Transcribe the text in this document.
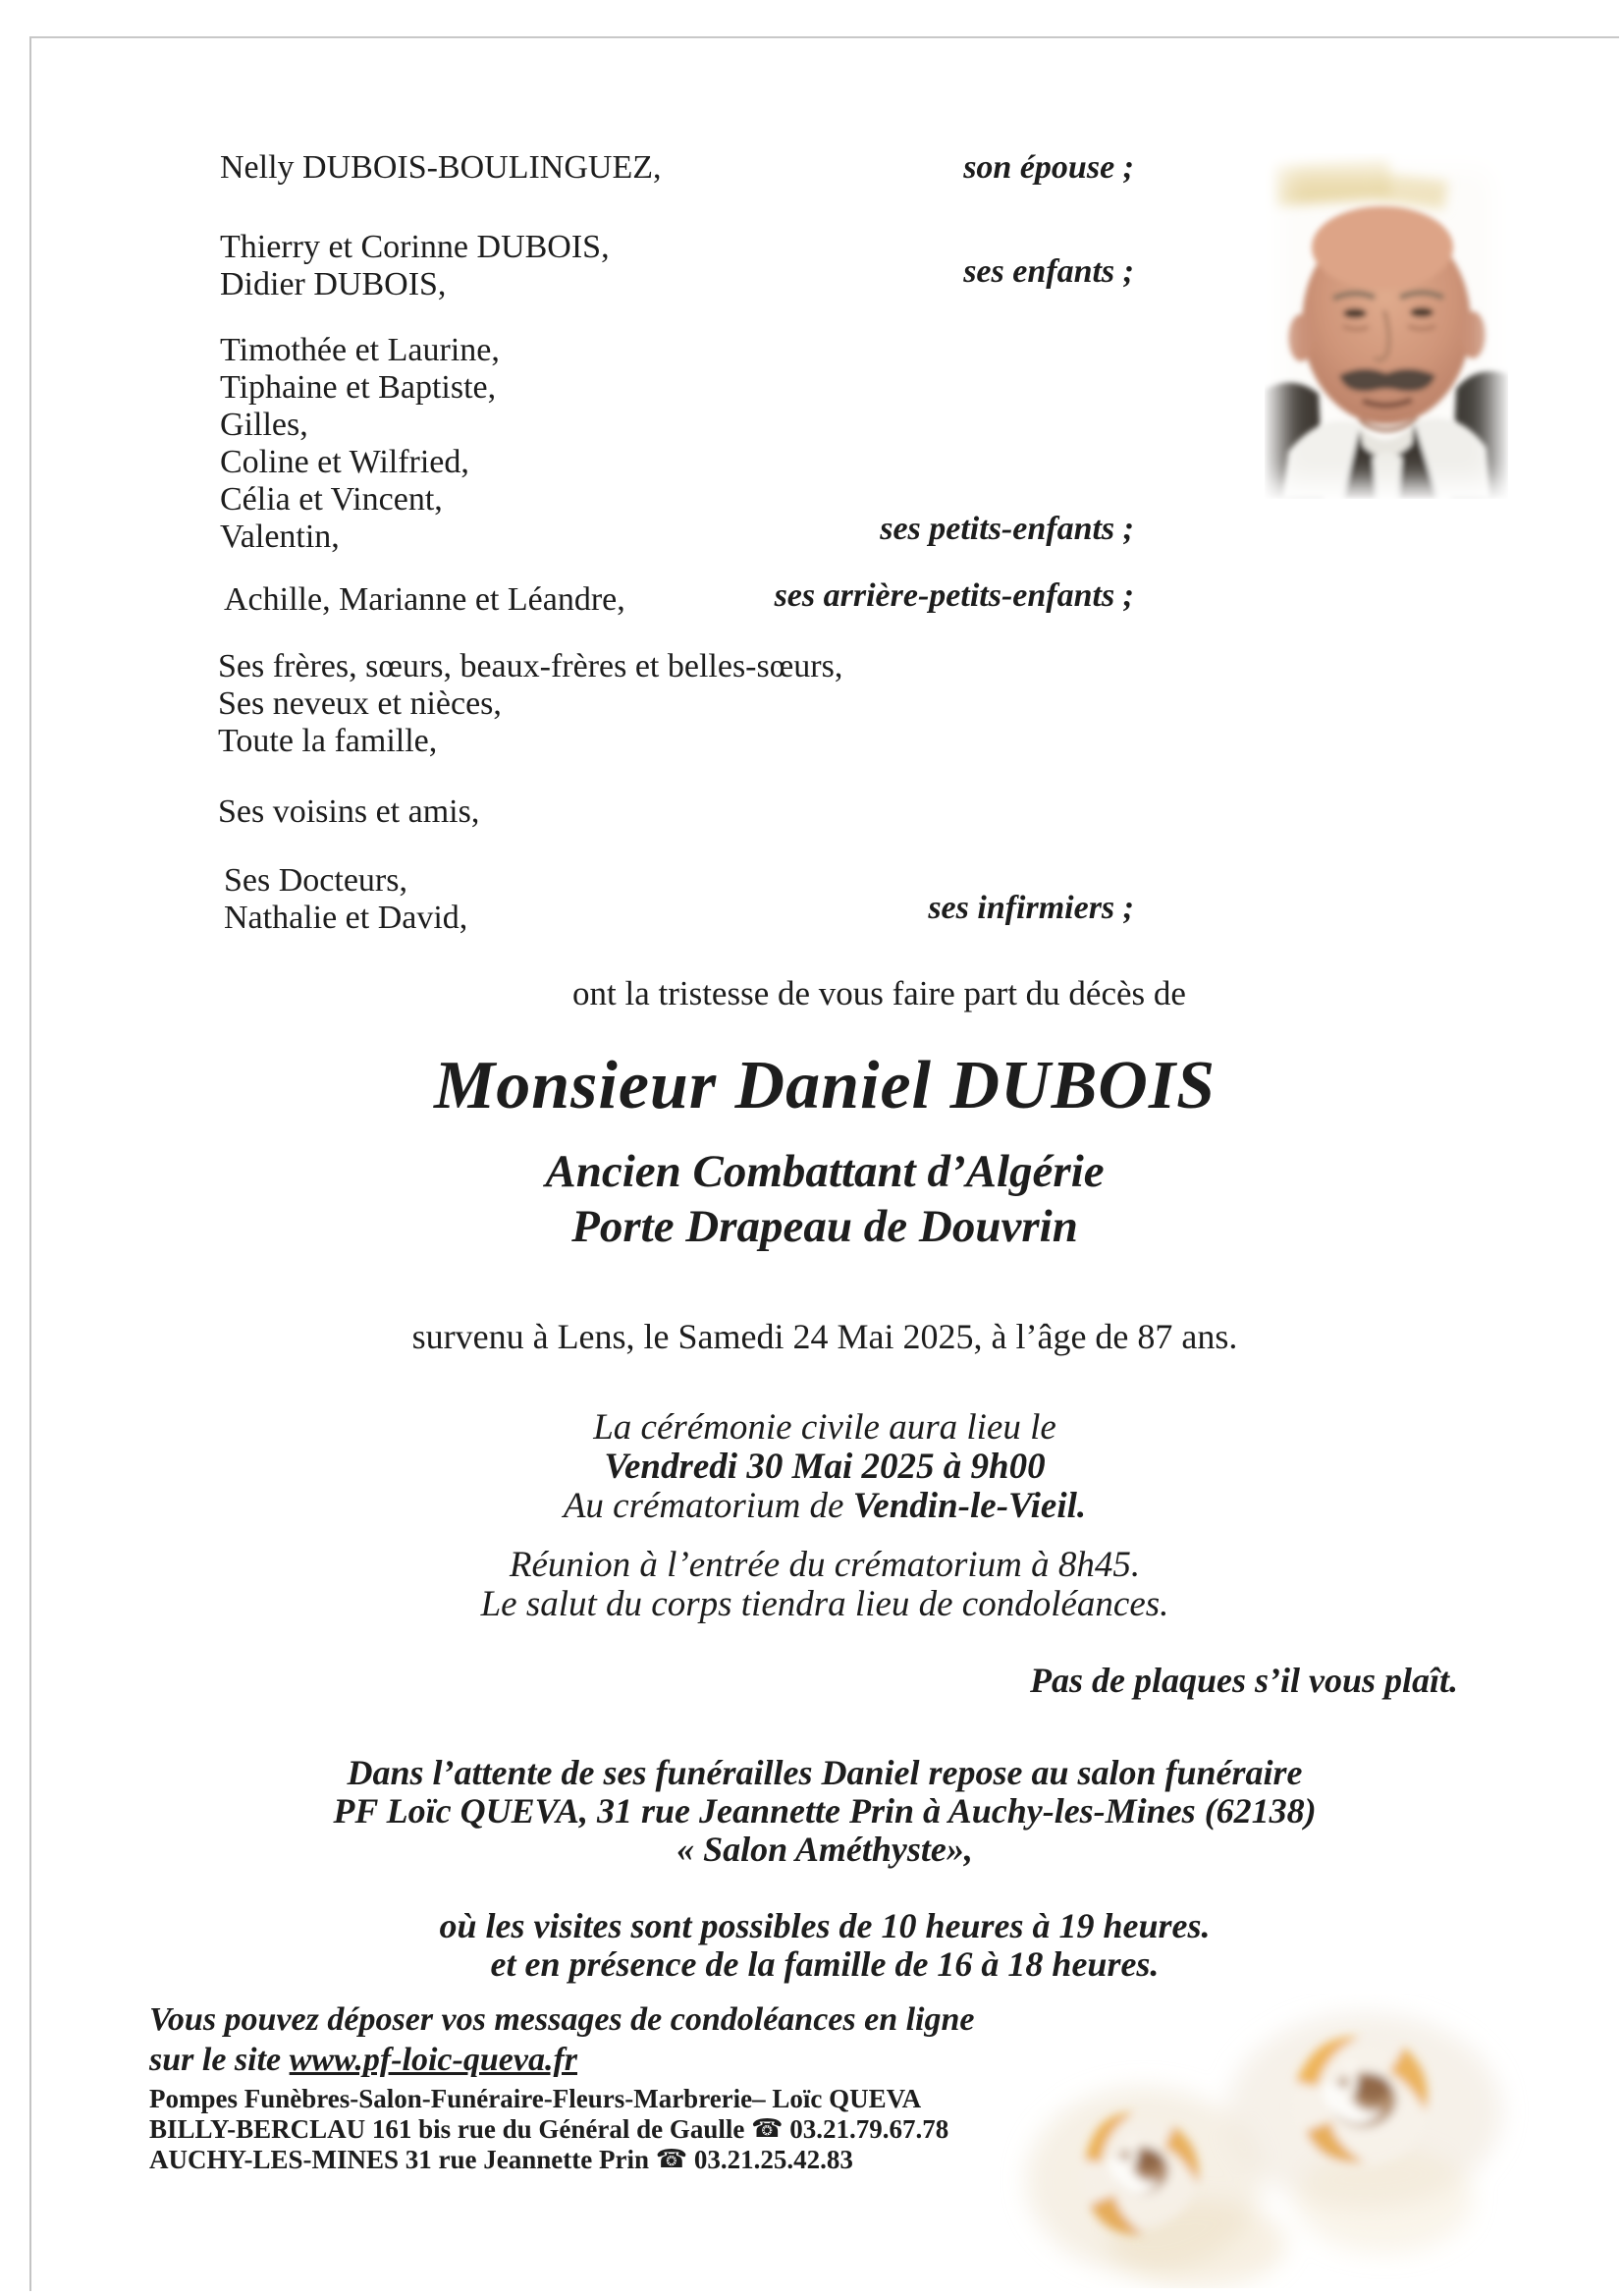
Nelly DUBOIS-BOULINGUEZ,
Thierry et Corinne DUBOIS,
Didier DUBOIS,
Timothée et Laurine,
Tiphaine et Baptiste,
Gilles,
Coline et Wilfried,
Célia et Vincent,
Valentin,
Achille, Marianne et Léandre,
Ses frères, sœurs, beaux-frères et belles-sœurs,
Ses neveux et nièces,
Toute la famille,
Ses voisins et amis,
Ses Docteurs,
Nathalie et David,
son épouse ;
ses enfants ;
ses petits-enfants ;
ses arrière-petits-enfants ;
ses infirmiers ;
ont la tristesse de vous faire part du décès de
Monsieur Daniel DUBOIS
Ancien Combattant d’Algérie
Porte Drapeau de Douvrin
survenu à Lens, le Samedi 24 Mai 2025, à l’âge de 87 ans.
La cérémonie civile aura lieu le
Vendredi 30 Mai 2025 à 9h00
Au crématorium de Vendin-le-Vieil.
Réunion à l’entrée du crématorium à 8h45.
Le salut du corps tiendra lieu de condoléances.
Pas de plaques s’il vous plaît.
Dans l’attente de ses funérailles Daniel repose au salon funéraire
PF Loïc QUEVA, 31 rue Jeannette Prin à Auchy-les-Mines (62138)
« Salon Améthyste»,
où les visites sont possibles de 10 heures à 19 heures.
et en présence de la famille de 16 à 18 heures.
Vous pouvez déposer vos messages de condoléances en ligne
sur le site www.pf-loic-queva.fr
Pompes Funèbres-Salon-Funéraire-Fleurs-Marbrerie– Loïc QUEVA
BILLY-BERCLAU 161 bis rue du Général de Gaulle ☎ 03.21.79.67.78
AUCHY-LES-MINES 31 rue Jeannette Prin ☎ 03.21.25.42.83
